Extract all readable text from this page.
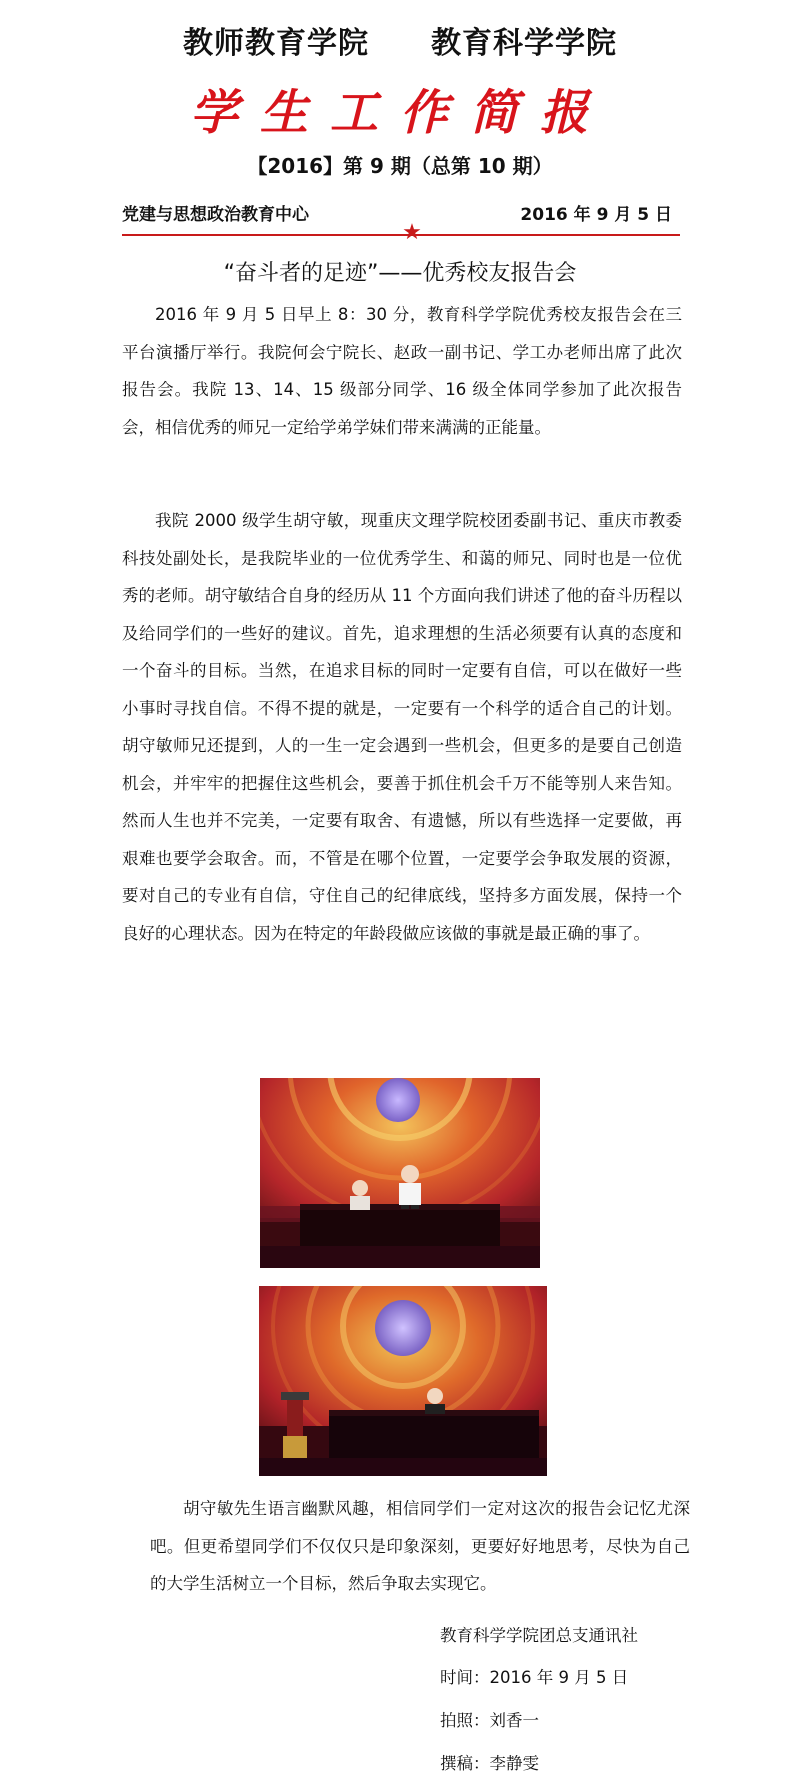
教师教育学院 教育科学学院
学生工作简报
【2016】第 9 期（总第 10 期）
党建与思想政治教育中心	2016 年 9 月 5 日
★
“奋斗者的足迹”——优秀校友报告会

2016 年 9 月 5 日早上 8：30 分，教育科学学院优秀校友报告会在三平台演播厅举行。我院何会宁院长、赵政一副书记、学工办老师出席了此次报告会。我院 13、14、15 级部分同学、16 级全体同学参加了此次报告会，相信优秀的师兄一定给学弟学妹们带来满满的正能量。

我院 2000 级学生胡守敏，现重庆文理学院校团委副书记、重庆市教委科技处副处长，是我院毕业的一位优秀学生、和蔼的师兄、同时也是一位优秀的老师。胡守敏结合自身的经历从 11 个方面向我们讲述了他的奋斗历程以及给同学们的一些好的建议。首先，追求理想的生活必须要有认真的态度和一个奋斗的目标。当然，在追求目标的同时一定要有自信，可以在做好一些小事时寻找自信。不得不提的就是，一定要有一个科学的适合自己的计划。胡守敏师兄还提到，人的一生一定会遇到一些机会，但更多的是要自己创造机会，并牢牢的把握住这些机会，要善于抓住机会千万不能等别人来告知。然而人生也并不完美，一定要有取舍、有遗憾，所以有些选择一定要做，再艰难也要学会取舍。而，不管是在哪个位置，一定要学会争取发展的资源，要对自己的专业有自信，守住自己的纪律底线，坚持多方面发展，保持一个良好的心理状态。因为在特定的年龄段做应该做的事就是最正确的事了。

胡守敏先生语言幽默风趣，相信同学们一定对这次的报告会记忆尤深吧。但更希望同学们不仅仅只是印象深刻，更要好好地思考，尽快为自己的大学生活树立一个目标，然后争取去实现它。

教育科学学院团总支通讯社
时间：2016 年 9 月 5 日
拍照：刘香一
撰稿：李静雯
